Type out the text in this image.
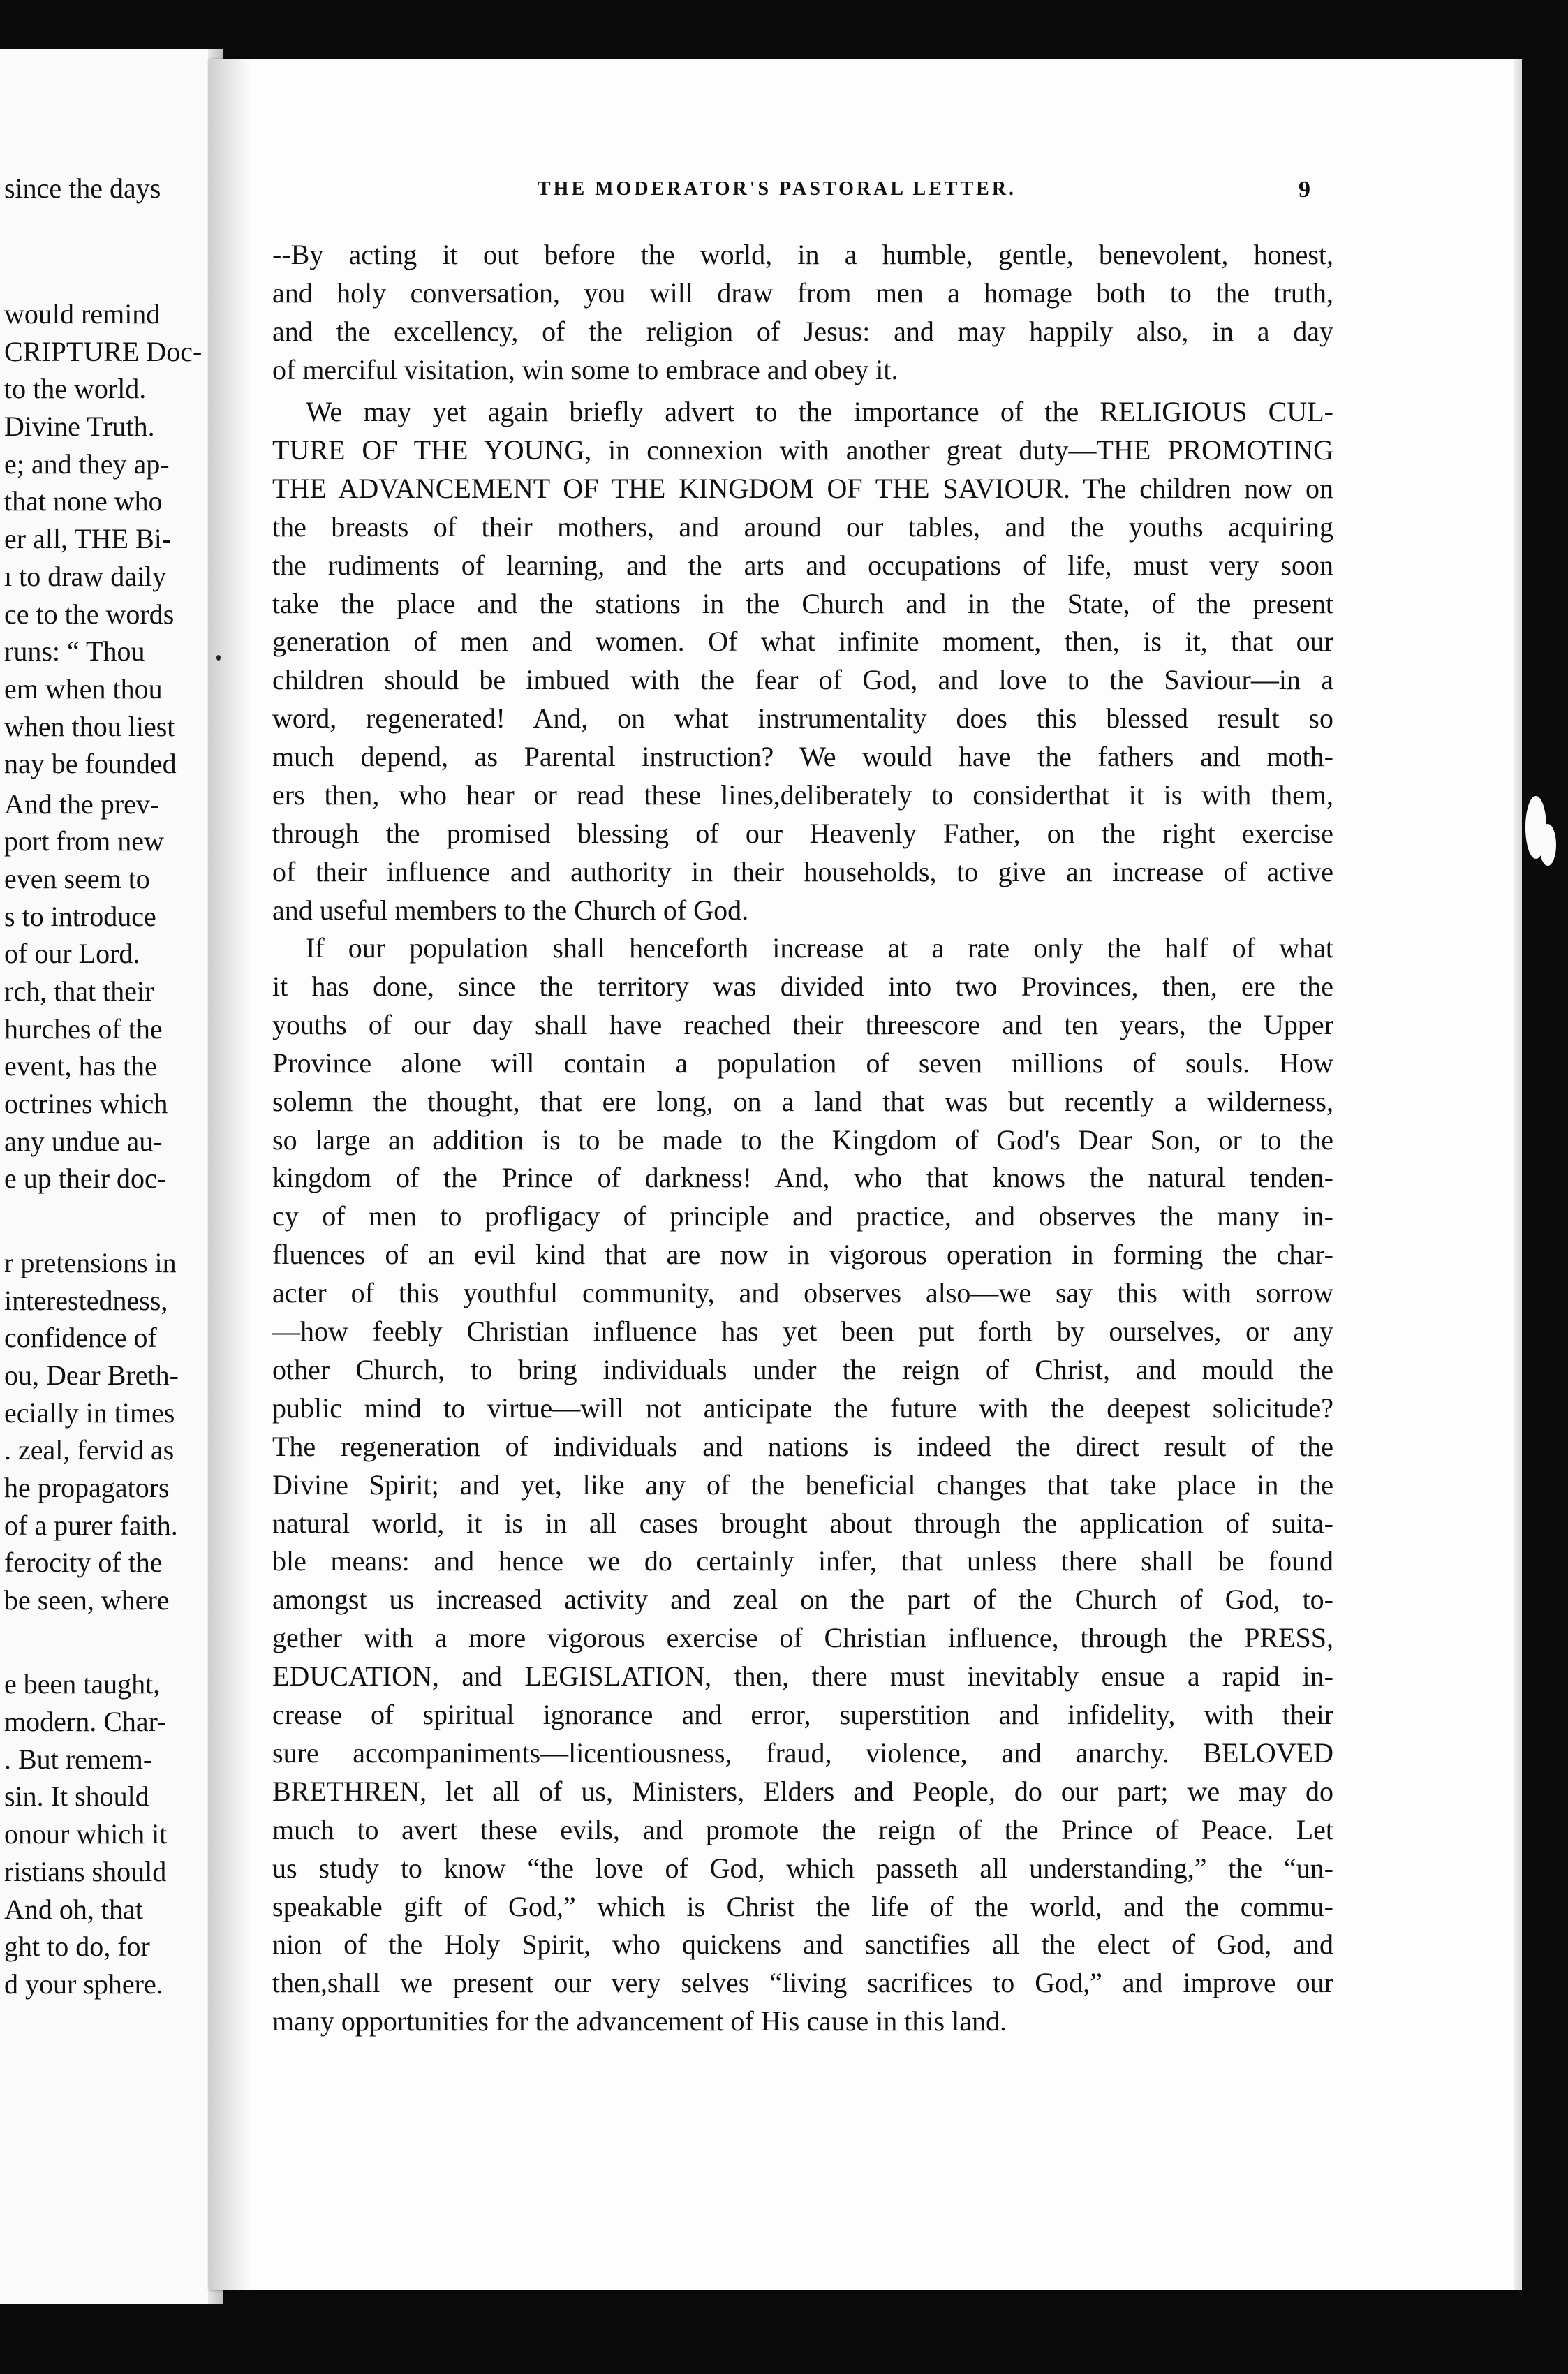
since the days
would remind
CRIPTURE Doc-
to the world.
Divine Truth.
e; and they ap-
that none who
er all, THE Bi-
ı to draw daily
ce to the words
runs: “ Thou
em when thou
when thou liest
nay be founded
And the prev-
port from new
even seem to
s to introduce
of our Lord.
rch, that their
hurches of the
event, has the
octrines which
any undue au-
e up their doc-
r pretensions in
interestedness,
confidence of
ou, Dear Breth-
ecially in times
. zeal, fervid as
he propagators
of a purer faith.
ferocity of the
be seen, where
e been taught,
modern. Char-
. But remem-
sin. It should
onour which it
ristians should
And oh, that
ght to do, for
d your sphere.
THE MODERATOR'S PASTORAL LETTER.	9
--By acting it out before the world, in a humble, gentle, benevolent, honest,
and holy conversation, you will draw from men a homage both to the truth,
and the excellency, of the religion of Jesus: and may happily also, in a day
of merciful visitation, win some to embrace and obey it.
We may yet again briefly advert to the importance of the RELIGIOUS CUL-
TURE OF THE YOUNG, in connexion with another great duty—THE PROMOTING
THE ADVANCEMENT OF THE KINGDOM OF THE SAVIOUR. The children now on
the breasts of their mothers, and around our tables, and the youths acquiring
the rudiments of learning, and the arts and occupations of life, must very soon
take the place and the stations in the Church and in the State, of the present
generation of men and women. Of what infinite moment, then, is it, that our
children should be imbued with the fear of God, and love to the Saviour—in a
word, regenerated! And, on what instrumentality does this blessed result so
much depend, as Parental instruction? We would have the fathers and moth-
ers then, who hear or read these lines,deliberately to considerthat it is with them,
through the promised blessing of our Heavenly Father, on the right exercise
of their influence and authority in their households, to give an increase of active
and useful members to the Church of God.
If our population shall henceforth increase at a rate only the half of what
it has done, since the territory was divided into two Provinces, then, ere the
youths of our day shall have reached their threescore and ten years, the Upper
Province alone will contain a population of seven millions of souls. How
solemn the thought, that ere long, on a land that was but recently a wilderness,
so large an addition is to be made to the Kingdom of God's Dear Son, or to the
kingdom of the Prince of darkness! And, who that knows the natural tenden-
cy of men to profligacy of principle and practice, and observes the many in-
fluences of an evil kind that are now in vigorous operation in forming the char-
acter of this youthful community, and observes also—we say this with sorrow
—how feebly Christian influence has yet been put forth by ourselves, or any
other Church, to bring individuals under the reign of Christ, and mould the
public mind to virtue—will not anticipate the future with the deepest solicitude?
The regeneration of individuals and nations is indeed the direct result of the
Divine Spirit; and yet, like any of the beneficial changes that take place in the
natural world, it is in all cases brought about through the application of suita-
ble means: and hence we do certainly infer, that unless there shall be found
amongst us increased activity and zeal on the part of the Church of God, to-
gether with a more vigorous exercise of Christian influence, through the PRESS,
EDUCATION, and LEGISLATION, then, there must inevitably ensue a rapid in-
crease of spiritual ignorance and error, superstition and infidelity, with their
sure accompaniments—licentiousness, fraud, violence, and anarchy. BELOVED
BRETHREN, let all of us, Ministers, Elders and People, do our part; we may do
much to avert these evils, and promote the reign of the Prince of Peace. Let
us study to know “the love of God, which passeth all understanding,” the “un-
speakable gift of God,” which is Christ the life of the world, and the commu-
nion of the Holy Spirit, who quickens and sanctifies all the elect of God, and
then,shall we present our very selves “living sacrifices to God,” and improve our
many opportunities for the advancement of His cause in this land.
